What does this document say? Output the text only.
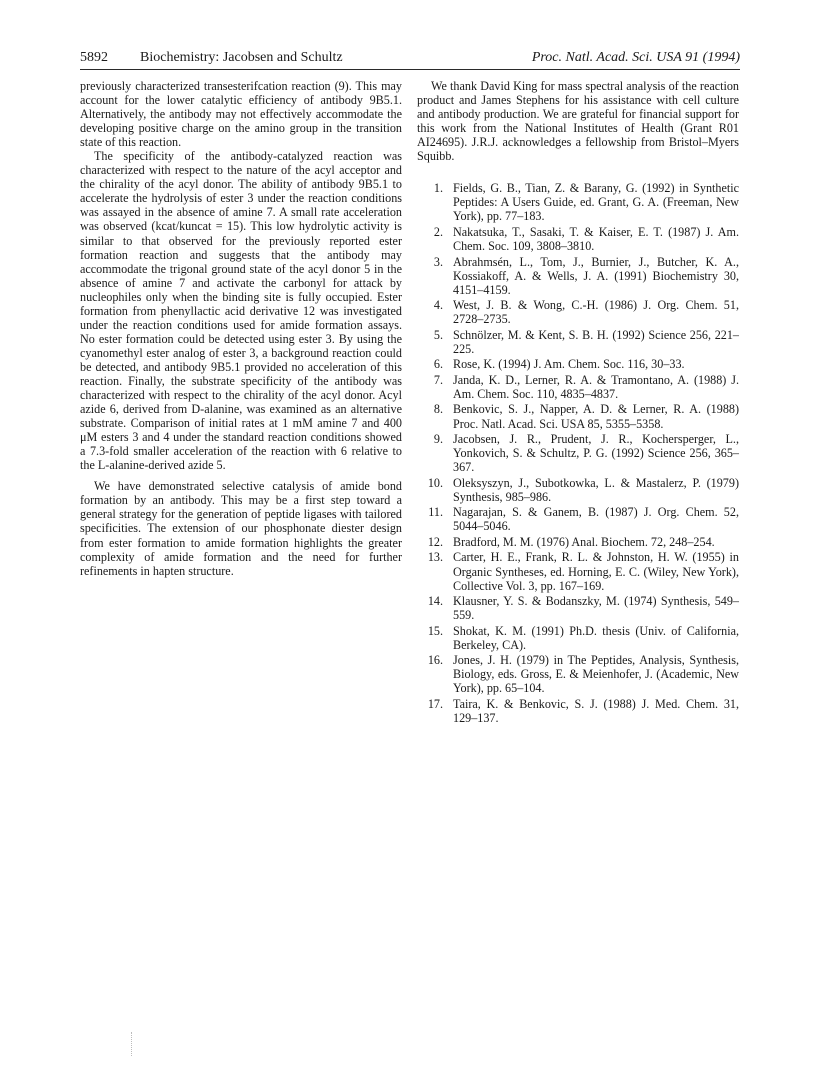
5892 Biochemistry: Jacobsen and Schultz	Proc. Natl. Acad. Sci. USA 91 (1994)

previously characterized transesterifcation reaction (9). This may account for the lower catalytic efficiency of antibody 9B5.1. Alternatively, the antibody may not effectively accommodate the developing positive charge on the amino group in the transition state of this reaction.

The specificity of the antibody-catalyzed reaction was characterized with respect to the nature of the acyl acceptor and the chirality of the acyl donor. The ability of antibody 9B5.1 to accelerate the hydrolysis of ester 3 under the reaction conditions was assayed in the absence of amine 7. A small rate acceleration was observed (kcat/kuncat = 15). This low hydrolytic activity is similar to that observed for the previously reported ester formation reaction and suggests that the antibody may accommodate the trigonal ground state of the acyl donor 5 in the absence of amine 7 and activate the carbonyl for attack by nucleophiles only when the binding site is fully occupied. Ester formation from phenyllactic acid derivative 12 was investigated under the reaction conditions used for amide formation assays. No ester formation could be detected using ester 3. By using the cyanomethyl ester analog of ester 3, a background reaction could be detected, and antibody 9B5.1 provided no acceleration of this reaction. Finally, the substrate specificity of the antibody was characterized with respect to the chirality of the acyl donor. Acyl azide 6, derived from D-alanine, was examined as an alternative substrate. Comparison of initial rates at 1 mM amine 7 and 400 μM esters 3 and 4 under the standard reaction conditions showed a 7.3-fold smaller acceleration of the reaction with 6 relative to the L-alanine-derived azide 5.

We have demonstrated selective catalysis of amide bond formation by an antibody. This may be a first step toward a general strategy for the generation of peptide ligases with tailored specificities. The extension of our phosphonate diester design from ester formation to amide formation highlights the greater complexity of amide formation and the need for further refinements in hapten structure.

We thank David King for mass spectral analysis of the reaction product and James Stephens for his assistance with cell culture and antibody production. We are grateful for financial support for this work from the National Institutes of Health (Grant R01 AI24695). J.R.J. acknowledges a fellowship from Bristol–Myers Squibb.

1. Fields, G. B., Tian, Z. & Barany, G. (1992) in Synthetic Peptides: A Users Guide, ed. Grant, G. A. (Freeman, New York), pp. 77–183.
2. Nakatsuka, T., Sasaki, T. & Kaiser, E. T. (1987) J. Am. Chem. Soc. 109, 3808–3810.
3. Abrahmsén, L., Tom, J., Burnier, J., Butcher, K. A., Kossiakoff, A. & Wells, J. A. (1991) Biochemistry 30, 4151–4159.
4. West, J. B. & Wong, C.-H. (1986) J. Org. Chem. 51, 2728–2735.
5. Schnölzer, M. & Kent, S. B. H. (1992) Science 256, 221–225.
6. Rose, K. (1994) J. Am. Chem. Soc. 116, 30–33.
7. Janda, K. D., Lerner, R. A. & Tramontano, A. (1988) J. Am. Chem. Soc. 110, 4835–4837.
8. Benkovic, S. J., Napper, A. D. & Lerner, R. A. (1988) Proc. Natl. Acad. Sci. USA 85, 5355–5358.
9. Jacobsen, J. R., Prudent, J. R., Kochersperger, L., Yonkovich, S. & Schultz, P. G. (1992) Science 256, 365–367.
10. Oleksyszyn, J., Subotkowka, L. & Mastalerz, P. (1979) Synthesis, 985–986.
11. Nagarajan, S. & Ganem, B. (1987) J. Org. Chem. 52, 5044–5046.
12. Bradford, M. M. (1976) Anal. Biochem. 72, 248–254.
13. Carter, H. E., Frank, R. L. & Johnston, H. W. (1955) in Organic Syntheses, ed. Horning, E. C. (Wiley, New York), Collective Vol. 3, pp. 167–169.
14. Klausner, Y. S. & Bodanszky, M. (1974) Synthesis, 549–559.
15. Shokat, K. M. (1991) Ph.D. thesis (Univ. of California, Berkeley, CA).
16. Jones, J. H. (1979) in The Peptides, Analysis, Synthesis, Biology, eds. Gross, E. & Meienhofer, J. (Academic, New York), pp. 65–104.
17. Taira, K. & Benkovic, S. J. (1988) J. Med. Chem. 31, 129–137.
